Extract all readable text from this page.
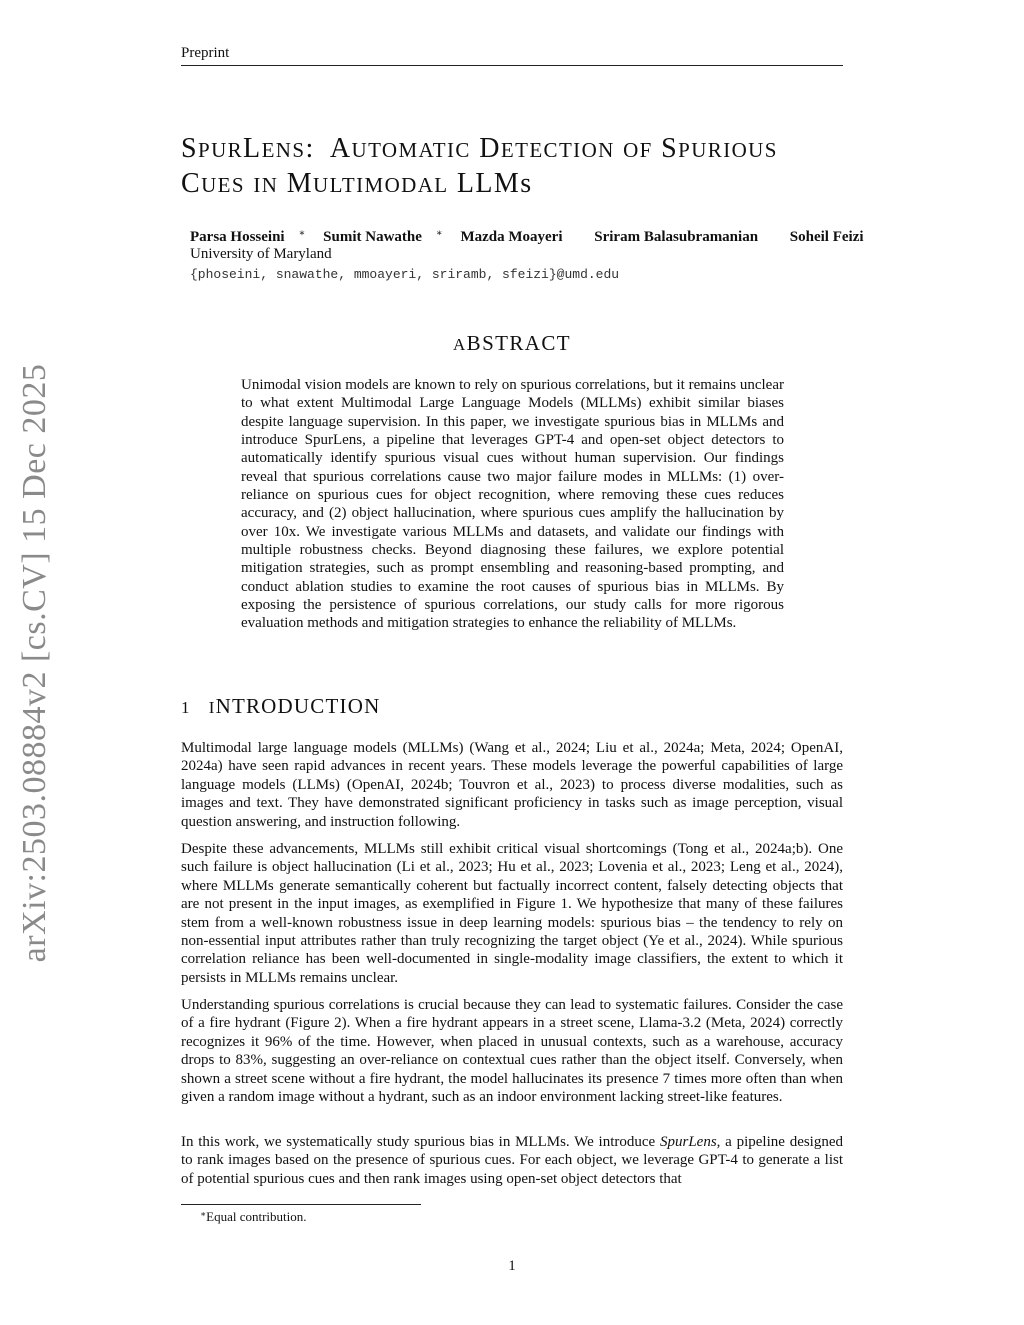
Preprint
arXiv:2503.08884v2 [cs.CV] 15 Dec 2025
SPURLENS:  AUTOMATIC DETECTION OF SPURIOUS
CUES IN MULTIMODAL LLMs
Parsa Hosseini ∗ Sumit Nawathe ∗ Mazda Moayeri Sriram Balasubramanian Soheil Feizi
University of Maryland
{phoseini, snawathe, mmoayeri, sriramb, sfeizi}@umd.edu
ABSTRACT
Unimodal vision models are known to rely on spurious correlations, but it remains unclear to what extent Multimodal Large Language Models (MLLMs) exhibit similar biases despite language supervision. In this paper, we investigate spurious bias in MLLMs and introduce SpurLens, a pipeline that leverages GPT-4 and open-set object detectors to automatically identify spurious visual cues without human supervision. Our findings reveal that spurious correlations cause two major failure modes in MLLMs: (1) over-reliance on spurious cues for object recognition, where removing these cues reduces accuracy, and (2) object hallucination, where spurious cues amplify the hallucination by over 10x. We investigate various MLLMs and datasets, and validate our findings with multiple robustness checks. Beyond diagnosing these failures, we explore potential mitigation strategies, such as prompt ensembling and reasoning-based prompting, and conduct ablation studies to examine the root causes of spurious bias in MLLMs. By exposing the persistence of spurious correlations, our study calls for more rigorous evaluation methods and mitigation strategies to enhance the reliability of MLLMs.
1 INTRODUCTION
Multimodal large language models (MLLMs) (Wang et al., 2024; Liu et al., 2024a; Meta, 2024; OpenAI, 2024a) have seen rapid advances in recent years. These models leverage the powerful capabilities of large language models (LLMs) (OpenAI, 2024b; Touvron et al., 2023) to process diverse modalities, such as images and text. They have demonstrated significant proficiency in tasks such as image perception, visual question answering, and instruction following.
Despite these advancements, MLLMs still exhibit critical visual shortcomings (Tong et al., 2024a;b). One such failure is object hallucination (Li et al., 2023; Hu et al., 2023; Lovenia et al., 2023; Leng et al., 2024), where MLLMs generate semantically coherent but factually incorrect content, falsely detecting objects that are not present in the input images, as exemplified in Figure 1. We hypothesize that many of these failures stem from a well-known robustness issue in deep learning models: spurious bias – the tendency to rely on non-essential input attributes rather than truly recognizing the target object (Ye et al., 2024). While spurious correlation reliance has been well-documented in single-modality image classifiers, the extent to which it persists in MLLMs remains unclear.
Understanding spurious correlations is crucial because they can lead to systematic failures. Consider the case of a fire hydrant (Figure 2). When a fire hydrant appears in a street scene, Llama-3.2 (Meta, 2024) correctly recognizes it 96% of the time. However, when placed in unusual contexts, such as a warehouse, accuracy drops to 83%, suggesting an over-reliance on contextual cues rather than the object itself. Conversely, when shown a street scene without a fire hydrant, the model hallucinates its presence 7 times more often than when given a random image without a hydrant, such as an indoor environment lacking street-like features.
In this work, we systematically study spurious bias in MLLMs. We introduce SpurLens, a pipeline designed to rank images based on the presence of spurious cues. For each object, we leverage GPT-4 to generate a list of potential spurious cues and then rank images using open-set object detectors that
∗Equal contribution.
1
